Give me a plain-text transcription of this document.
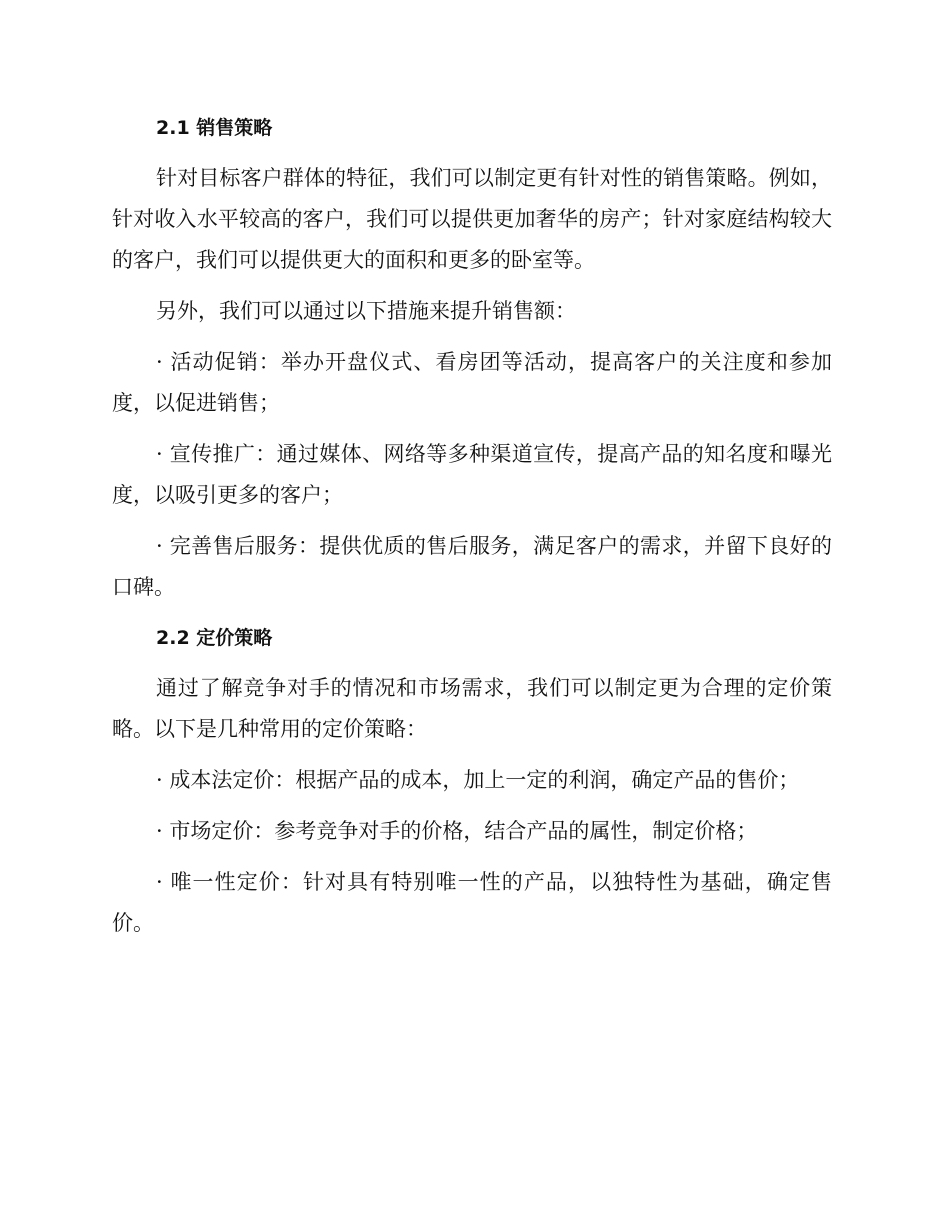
2.1 销售策略

针对目标客户群体的特征，我们可以制定更有针对性的销售策略。例如，针对收入水平较高的客户，我们可以提供更加奢华的房产；针对家庭结构较大的客户，我们可以提供更大的面积和更多的卧室等。

另外，我们可以通过以下措施来提升销售额：

· 活动促销：举办开盘仪式、看房团等活动，提高客户的关注度和参加度，以促进销售；

· 宣传推广：通过媒体、网络等多种渠道宣传，提高产品的知名度和曝光度，以吸引更多的客户；

· 完善售后服务：提供优质的售后服务，满足客户的需求，并留下良好的口碑。

2.2 定价策略

通过了解竞争对手的情况和市场需求，我们可以制定更为合理的定价策略。以下是几种常用的定价策略：

· 成本法定价：根据产品的成本，加上一定的利润，确定产品的售价；

· 市场定价：参考竞争对手的价格，结合产品的属性，制定价格；

· 唯一性定价：针对具有特别唯一性的产品，以独特性为基础，确定售价。
